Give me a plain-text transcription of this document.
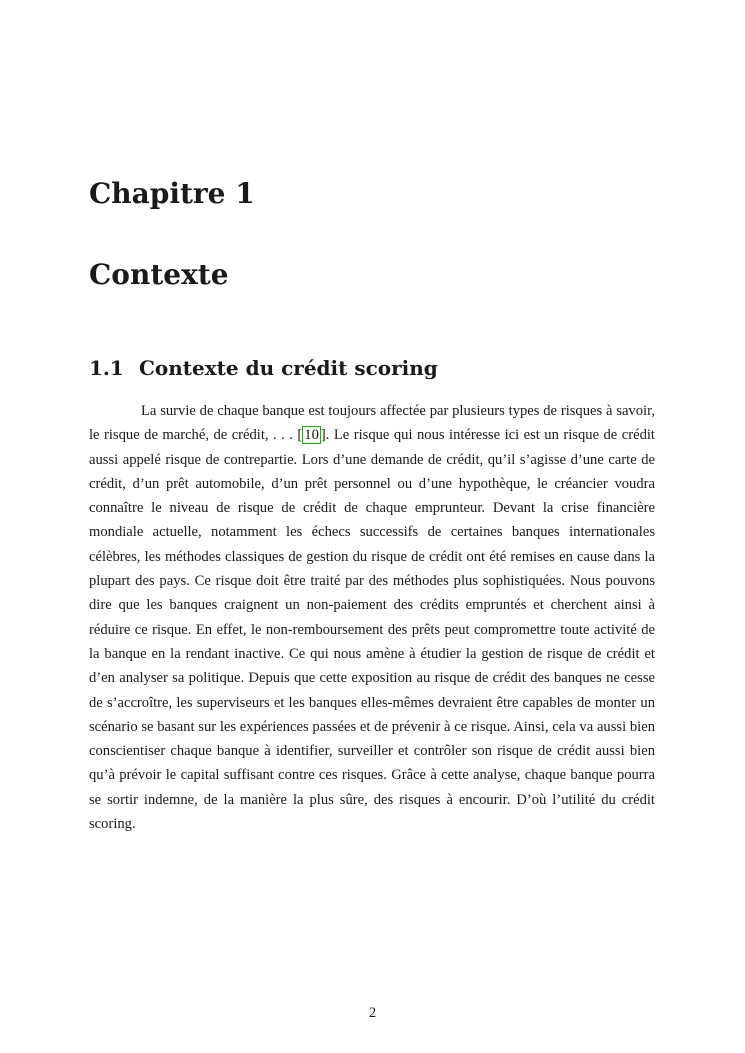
Chapitre 1
Contexte
1.1 Contexte du crédit scoring

La survie de chaque banque est toujours affectée par plusieurs types de risques à savoir, le risque de marché, de crédit, . . . [ 10 ]. Le risque qui nous intéresse ici est un risque de crédit aussi appelé risque de contrepartie. Lors d’une demande de crédit, qu’il s’agisse d’une carte de crédit, d’un prêt automobile, d’un prêt personnel ou d’une hypothèque, le créancier voudra connaître le niveau de risque de crédit de chaque emprunteur. Devant la crise financière mondiale actuelle, notamment les échecs successifs de certaines banques internationales célèbres, les méthodes classiques de gestion du risque de crédit ont été remises en cause dans la plupart des pays. Ce risque doit être traité par des méthodes plus sophistiquées. Nous pouvons dire que les banques craignent un non-paiement des crédits empruntés et cherchent ainsi à réduire ce risque. En effet, le non-remboursement des prêts peut compromettre toute activité de la banque en la rendant inactive. Ce qui nous amène à étudier la gestion de risque de crédit et d’en analyser sa politique. Depuis que cette exposition au risque de crédit des banques ne cesse de s’accroître, les superviseurs et les banques elles-mêmes devraient être capables de monter un scénario se basant sur les expériences passées et de prévenir à ce risque. Ainsi, cela va aussi bien conscientiser chaque banque à identifier, surveiller et contrôler son risque de crédit aussi bien qu’à prévoir le capital suffisant contre ces risques. Grâce à cette analyse, chaque banque pourra se sortir indemne, de la manière la plus sûre, des risques à encourir. D’où l’utilité du crédit scoring.

2
